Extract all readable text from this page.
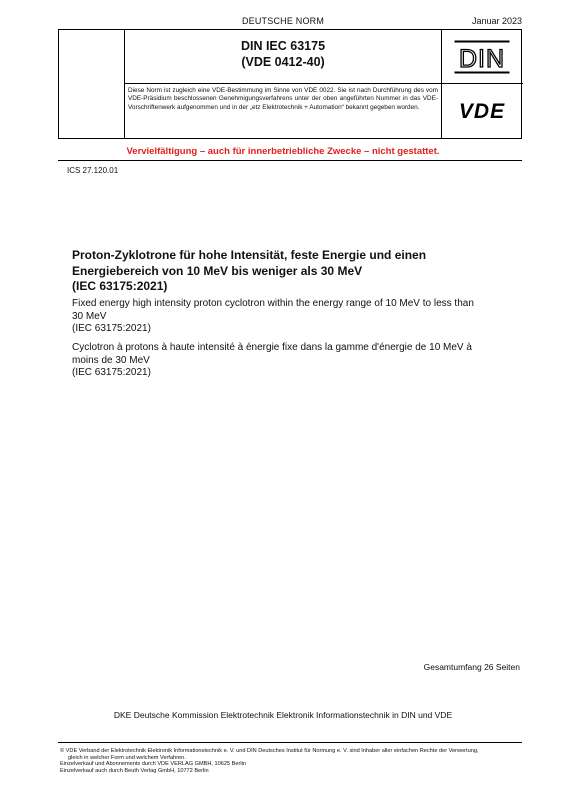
DEUTSCHE NORM	Januar 2023
DIN IEC 63175
(VDE 0412-40)	DIN
VDE
Diese Norm ist zugleich eine VDE-Bestimmung im Sinne von VDE 0022. Sie ist nach Durchführung des vom VDE-Präsidium beschlossenen Genehmigungsverfahrens unter der oben angeführten Nummer in das VDE-Vorschriftenwerk aufgenommen und in der „etz Elektrotechnik + Automation“ bekannt gegeben worden.
Vervielfältigung – auch für innerbetriebliche Zwecke – nicht gestattet.
ICS 27.120.01
Proton-Zyklotrone für hohe Intensität, feste Energie und einen
Energiebereich von 10 MeV bis weniger als 30 MeV
(IEC 63175:2021)
Fixed energy high intensity proton cyclotron within the energy range of 10 MeV to less than
30 MeV
(IEC 63175:2021)
Cyclotron à protons à haute intensité à énergie fixe dans la gamme d'énergie de 10 MeV à
moins de 30 MeV
(IEC 63175:2021)
Gesamtumfang 26 Seiten
DKE Deutsche Kommission Elektrotechnik Elektronik Informationstechnik in DIN und VDE
© VDE Verband der Elektrotechnik Elektronik Informationstechnik e. V. und DIN Deutsches Institut für Normung e. V. sind Inhaber aller einfachen Rechte der Verwertung,
gleich in welcher Form und welchem Verfahren.
Einzelverkauf und Abonnements durch VDE VERLAG GMBH, 10625 Berlin
Einzelverkauf auch durch Beuth Verlag GmbH, 10772 Berlin
